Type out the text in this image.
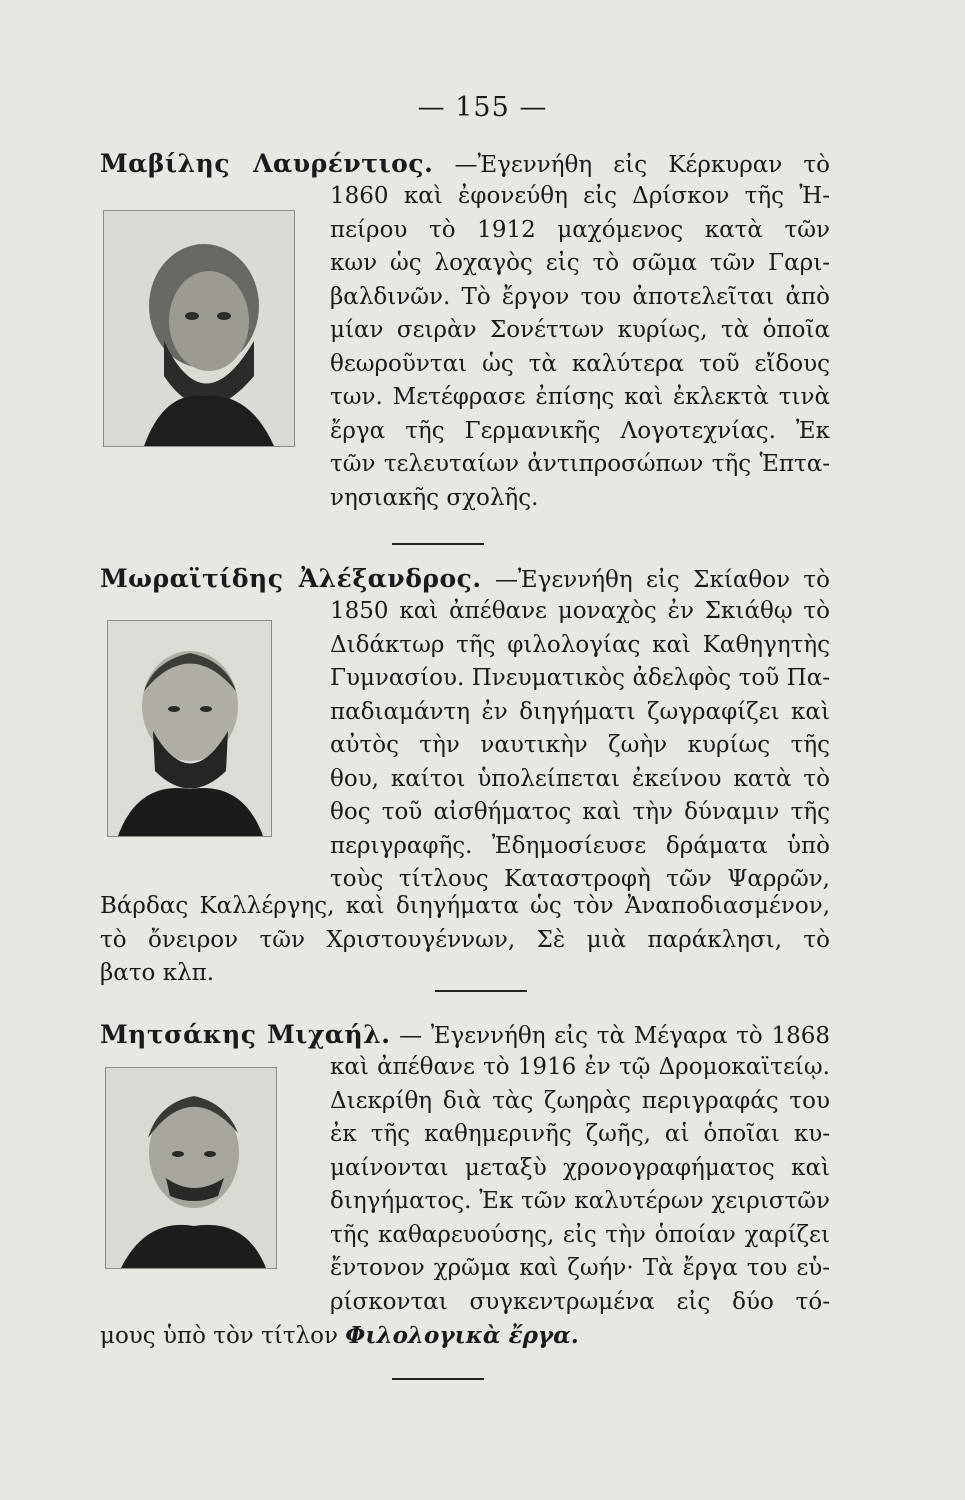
— 155 —
Μαβίλης Λαυρέντιος. —Ἐγεννήθη εἰς Κέρκυραν τὸ
1860 καὶ ἐφονεύθη εἰς Δρίσκον τῆς Ἠ-
πείρου τὸ 1912 μαχόμενος κατὰ τῶν
κων ὡς λοχαγὸς εἰς τὸ σῶμα τῶν Γαρι-
βαλδινῶν. Τὸ ἔργον του ἀποτελεῖται ἀπὸ
μίαν σειρὰν Σονέττων κυρίως, τὰ ὁποῖα
θεωροῦνται ὡς τὰ καλύτερα τοῦ εἴδους
των. Μετέφρασε ἐπίσης καὶ ἐκλεκτὰ τινὰ
ἔργα τῆς Γερμανικῆς Λογοτεχνίας. Ἐκ
τῶν τελευταίων ἀντιπροσώπων τῆς Ἑπτα-
νησιακῆς σχολῆς.
Μωραϊτίδης Ἀλέξανδρος. —Ἐγεννήθη εἰς Σκίαθον τὸ
1850 καὶ ἀπέθανε μοναχὸς ἐν Σκιάθῳ τὸ
Διδάκτωρ τῆς φιλολογίας καὶ Καθηγητὴς
Γυμνασίου. Πνευματικὸς ἀδελφὸς τοῦ Πα-
παδιαμάντη ἐν διηγήματι ζωγραφίζει καὶ
αὐτὸς τὴν ναυτικὴν ζωὴν κυρίως τῆς
θου, καίτοι ὑπολείπεται ἐκείνου κατὰ τὸ
θος τοῦ αἰσθήματος καὶ τὴν δύναμιν τῆς
περιγραφῆς. Ἐδημοσίευσε δράματα ὑπὸ
τοὺς τίτλους Καταστροφὴ τῶν Ψαρρῶν,
Βάρδας Καλλέργης, καὶ διηγήματα ὡς τὸν Ἀναποδιασμένον,
τὸ ὄνειρον τῶν Χριστουγέννων, Σὲ μιὰ παράκλησι, τὸ
βατο κλπ.
Μητσάκης Μιχαήλ. — Ἐγεννήθη εἰς τὰ Μέγαρα τὸ 1868
καὶ ἀπέθανε τὸ 1916 ἐν τῷ Δρομοκαϊτείῳ.
Διεκρίθη διὰ τὰς ζωηρὰς περιγραφάς του
ἐκ τῆς καθημερινῆς ζωῆς, αἱ ὁποῖαι κυ-
μαίνονται μεταξὺ χρονογραφήματος καὶ
διηγήματος. Ἐκ τῶν καλυτέρων χειριστῶν
τῆς καθαρευούσης, εἰς τὴν ὁποίαν χαρίζει
ἔντονον χρῶμα καὶ ζωήν· Τὰ ἔργα του εὑ-
ρίσκονται συγκεντρωμένα εἰς δύο τό-
μους ὑπὸ τὸν τίτλον Φιλολογικὰ ἔργα.
